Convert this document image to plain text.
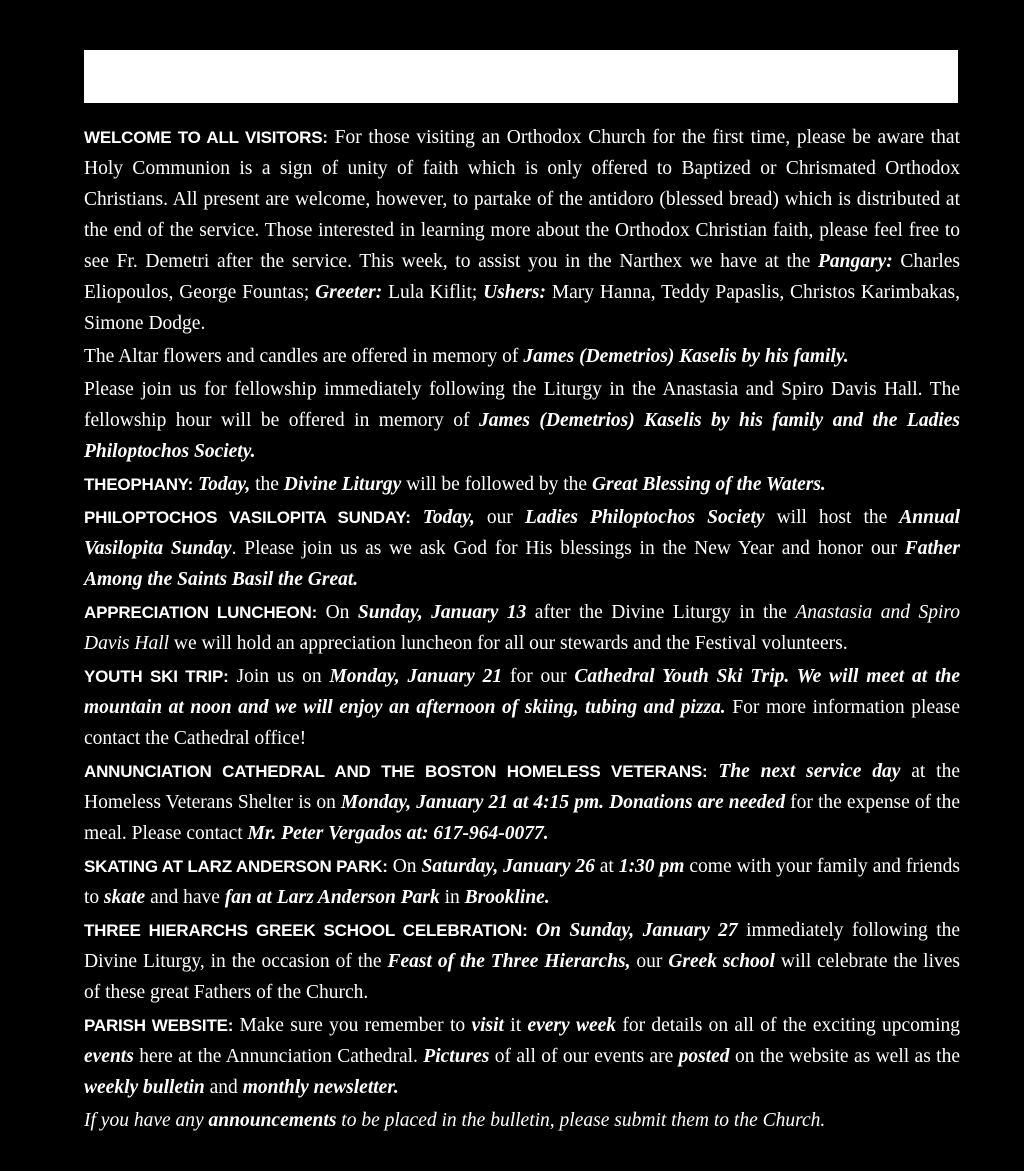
WELCOME TO ALL VISITORS: For those visiting an Orthodox Church for the first time, please be aware that Holy Communion is a sign of unity of faith which is only offered to Baptized or Chrismated Orthodox Christians. All present are welcome, however, to partake of the antidoro (blessed bread) which is distributed at the end of the service. Those interested in learning more about the Orthodox Christian faith, please feel free to see Fr. Demetri after the service. This week, to assist you in the Narthex we have at the Pangary: Charles Eliopoulos, George Fountas; Greeter: Lula Kiflit; Ushers: Mary Hanna, Teddy Papaslis, Christos Karimbakas, Simone Dodge.

The Altar flowers and candles are offered in memory of James (Demetrios) Kaselis by his family.

Please join us for fellowship immediately following the Liturgy in the Anastasia and Spiro Davis Hall. The fellowship hour will be offered in memory of James (Demetrios) Kaselis by his family and the Ladies Philoptochos Society.

THEOPHANY: Today, the Divine Liturgy will be followed by the Great Blessing of the Waters.

PHILOPTOCHOS VASILOPITA SUNDAY: Today, our Ladies Philoptochos Society will host the Annual Vasilopita Sunday. Please join us as we ask God for His blessings in the New Year and honor our Father Among the Saints Basil the Great.

APPRECIATION LUNCHEON: On Sunday, January 13 after the Divine Liturgy in the Anastasia and Spiro Davis Hall we will hold an appreciation luncheon for all our stewards and the Festival volunteers.

YOUTH SKI TRIP: Join us on Monday, January 21 for our Cathedral Youth Ski Trip. We will meet at the mountain at noon and we will enjoy an afternoon of skiing, tubing and pizza. For more information please contact the Cathedral office!

ANNUNCIATION CATHEDRAL AND THE BOSTON HOMELESS VETERANS: The next service day at the Homeless Veterans Shelter is on Monday, January 21 at 4:15 pm. Donations are needed for the expense of the meal. Please contact Mr. Peter Vergados at: 617-964-0077.

SKATING AT LARZ ANDERSON PARK: On Saturday, January 26 at 1:30 pm come with your family and friends to skate and have fan at Larz Anderson Park in Brookline.

THREE HIERARCHS GREEK SCHOOL CELEBRATION: On Sunday, January 27 immediately following the Divine Liturgy, in the occasion of the Feast of the Three Hierarchs, our Greek school will celebrate the lives of these great Fathers of the Church.

PARISH WEBSITE: Make sure you remember to visit it every week for details on all of the exciting upcoming events here at the Annunciation Cathedral. Pictures of all of our events are posted on the website as well as the weekly bulletin and monthly newsletter.

If you have any announcements to be placed in the bulletin, please submit them to the Church.
